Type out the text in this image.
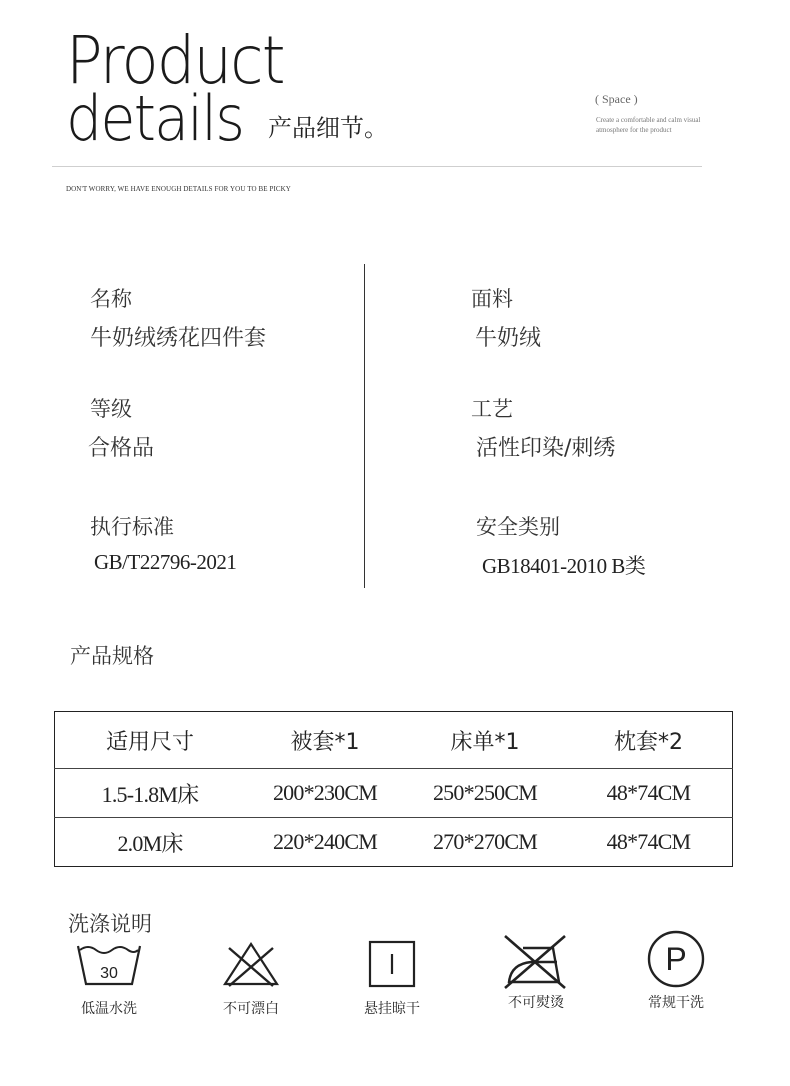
Product
details 产品细节。
( Space )
Create a comfortable and calm visual atmosphere for the product
DON'T WORRY, WE HAVE ENOUGH DETAILS FOR YOU TO BE PICKY
名称
牛奶绒绣花四件套
面料
牛奶绒
等级
合格品
工艺
活性印染/刺绣
执行标准
GB/T22796-2021
安全类别
GB18401-2010 B类
产品规格
适用尺寸	被套*1	床单*1	枕套*2
1.5-1.8M床	200*230CM	250*250CM	48*74CM
2.0M床	220*240CM	270*270CM	48*74CM
洗涤说明
30
低温水洗	不可漂白	悬挂晾干	不可熨烫
P
常规干洗
